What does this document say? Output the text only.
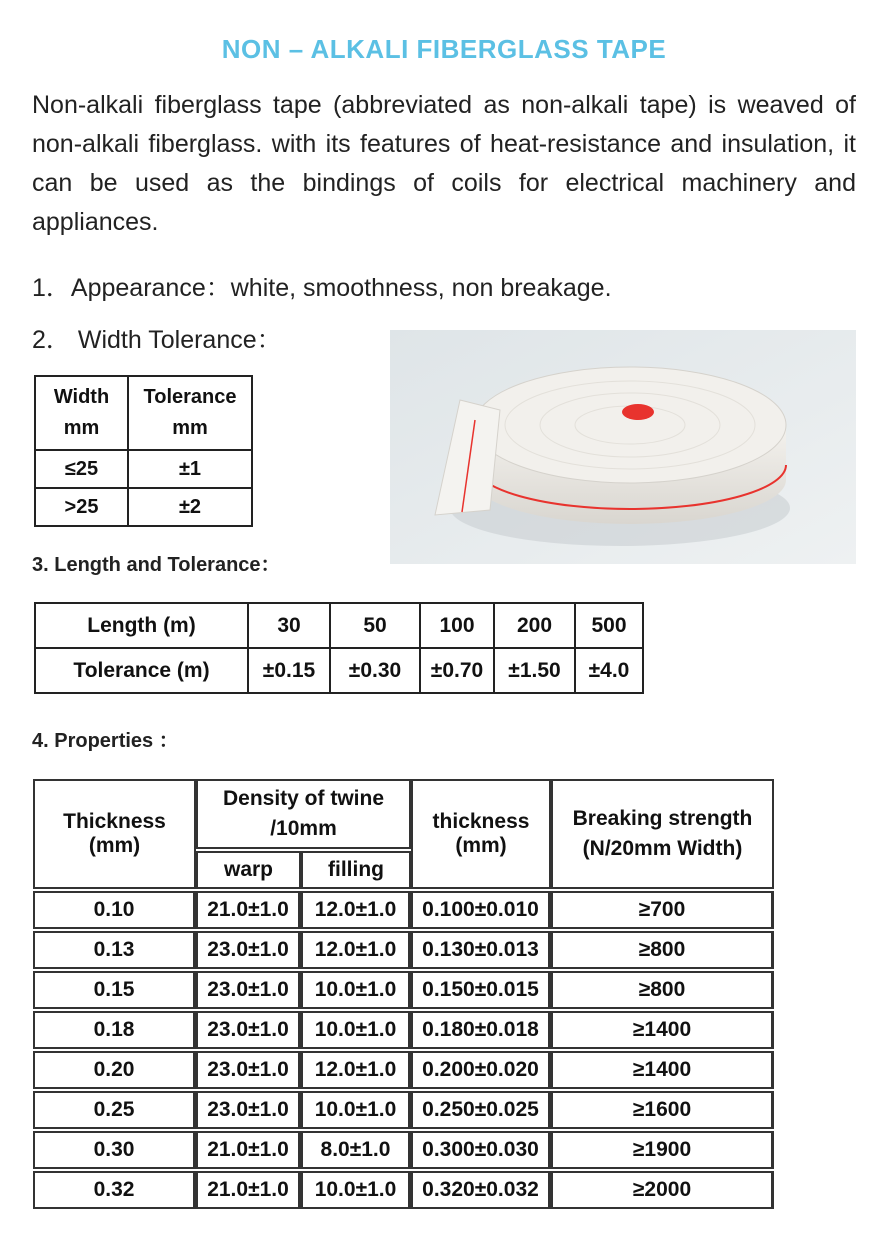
NON – ALKALI FIBERGLASS TAPE

Non-alkali fiberglass tape (abbreviated as non-alkali tape) is weaved of non-alkali fiberglass. with its features of heat-resistance and insulation, it can be used as the bindings of coils for electrical machinery and appliances.

1．Appearance：white, smoothness, non breakage.
2． Width Tolerance：
Width mm	Tolerance mm
≤25	±1
>25	±2
3. Length and Tolerance：
Length (m)	30	50	100	200	500
Tolerance (m)	±0.15	±0.30	±0.70	±1.50	±4.0
4. Properties ：
Thickness (mm)	Density of twine /10mm		thickness (mm)	Breaking strength (N/20mm Width)
	warp	filling		
0.10	21.0±1.0	12.0±1.0	0.100±0.010	≥700
0.13	23.0±1.0	12.0±1.0	0.130±0.013	≥800
0.15	23.0±1.0	10.0±1.0	0.150±0.015	≥800
0.18	23.0±1.0	10.0±1.0	0.180±0.018	≥1400
0.20	23.0±1.0	12.0±1.0	0.200±0.020	≥1400
0.25	23.0±1.0	10.0±1.0	0.250±0.025	≥1600
0.30	21.0±1.0	8.0±1.0	0.300±0.030	≥1900
0.32	21.0±1.0	10.0±1.0	0.320±0.032	≥2000
